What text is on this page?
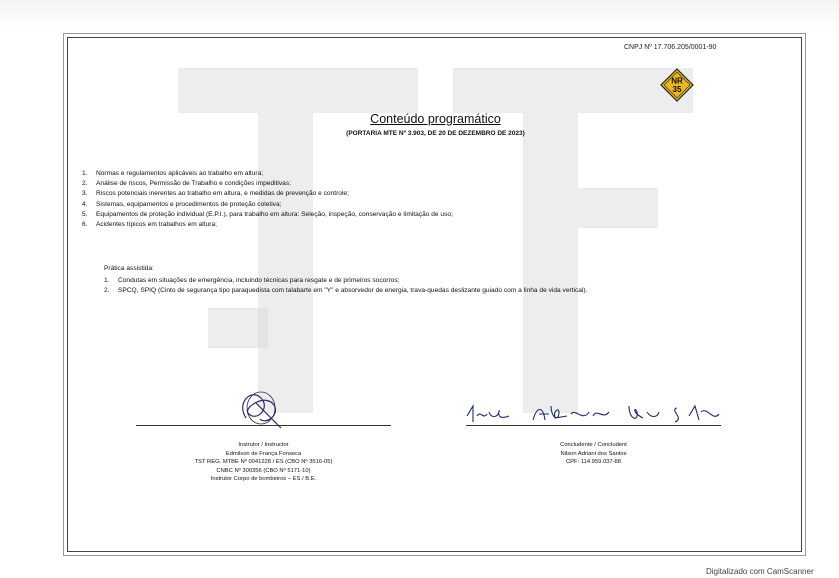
CNPJ Nº 17.706.205/0001-90
NR
35
Conteúdo programático
(PORTARIA MTE Nº 3.903, DE 20 DE DEZEMBRO DE 2023)
1. Normas e regulamentos aplicáveis ao trabalho em altura;
2. Análise de riscos, Permissão de Trabalho e condições impeditivas;
3. Riscos potenciais inerentes ao trabalho em altura, e medidas de prevenção e controle;
4. Sistemas, equipamentos e procedimentos de proteção coletiva;
5. Equipamentos de proteção individual (E.P.I.), para trabalho em altura: Seleção, inspeção, conservação e limitação de uso;
6. Acidentes típicos em trabalhos em altura;
Prática assistida:
1.	Condutas em situações de emergência, incluindo técnicas para resgate e de primeiros socorros;
2.	SPCQ, SPIQ (Cinto de segurança tipo paraquedista com talabarte em "Y" e absorvedor de energia, trava-quedas deslizante guiado com a linha de vida vertical).
Instrutor / Instructor
Edmilson de França Fonseca
TST REG. MTBE Nº 0041228 / ES (CBO Nº 3516-05)
CNBC Nº 300356 (CBO Nº 5171-10)
Instrutor Corpo de bombeiros – ES / B.E.
Concludente / Concludent
Nilson Adriani dos Santos
CPF: 114.959.037-88
Digitalizado com CamScanner
